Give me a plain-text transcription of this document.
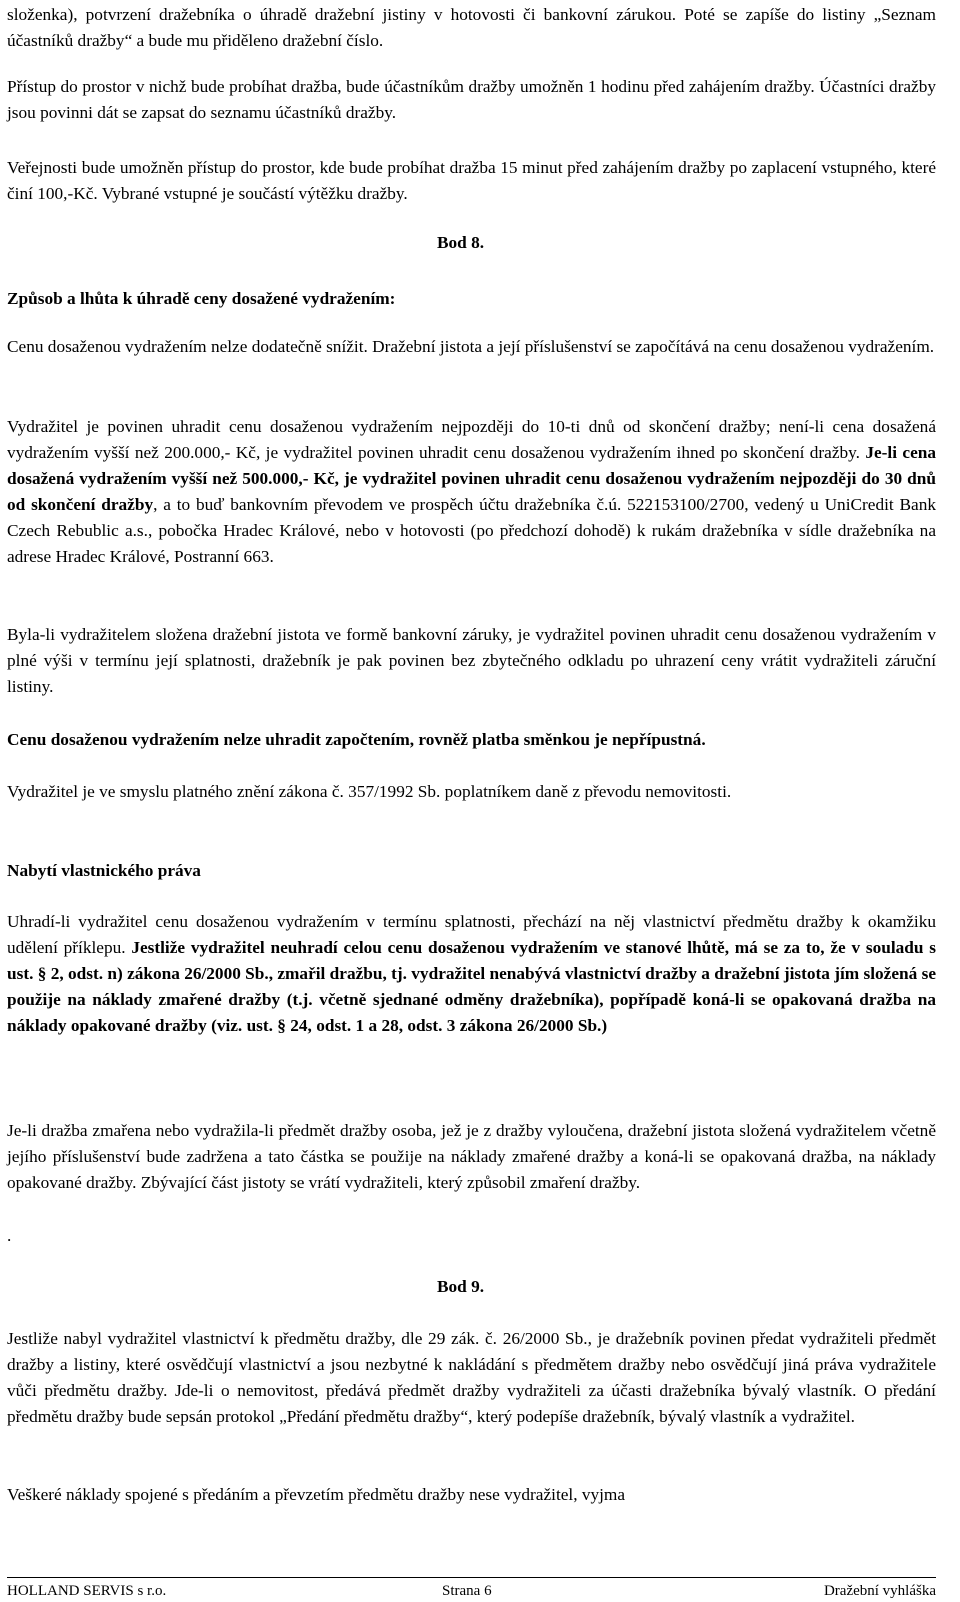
složenka), potvrzení dražebníka o úhradě dražební jistiny v hotovosti či bankovní zárukou. Poté se zapíše do listiny „Seznam účastníků dražby“ a bude mu přiděleno dražební číslo.

Přístup do prostor v nichž bude probíhat dražba, bude účastníkům dražby umožněn 1 hodinu před zahájením dražby. Účastníci dražby jsou povinni dát se zapsat do seznamu účastníků dražby.

Veřejnosti bude umožněn přístup do prostor, kde bude probíhat dražba 15 minut před zahájením dražby po zaplacení vstupného, které činí 100,-Kč. Vybrané vstupné je součástí výtěžku dražby.

Bod 8.

Způsob a lhůta k úhradě ceny dosažené vydražením:

Cenu dosaženou vydražením nelze dodatečně snížit. Dražební jistota a její příslušenství se započítává na cenu dosaženou vydražením.

Vydražitel je povinen uhradit cenu dosaženou vydražením nejpozději do 10-ti dnů od skončení dražby; není-li cena dosažená vydražením vyšší než 200.000,- Kč, je vydražitel povinen uhradit cenu dosaženou vydražením ihned po skončení dražby. Je-li cena dosažená vydražením vyšší než 500.000,- Kč, je vydražitel povinen uhradit cenu dosaženou vydražením nejpozději do 30 dnů od skončení dražby, a to buď bankovním převodem ve prospěch účtu dražebníka č.ú. 522153100/2700, vedený u UniCredit Bank Czech Rebublic a.s., pobočka Hradec Králové, nebo v hotovosti (po předchozí dohodě) k rukám dražebníka v sídle dražebníka na adrese Hradec Králové, Postranní 663.

Byla-li vydražitelem složena dražební jistota ve formě bankovní záruky, je vydražitel povinen uhradit cenu dosaženou vydražením v plné výši v termínu její splatnosti, dražebník je pak povinen bez zbytečného odkladu po uhrazení ceny vrátit vydražiteli záruční listiny.

Cenu dosaženou vydražením nelze uhradit započtením, rovněž platba směnkou je nepřípustná.

Vydražitel je ve smyslu platného znění zákona č. 357/1992 Sb. poplatníkem daně z převodu nemovitosti.

Nabytí vlastnického práva

Uhradí-li vydražitel cenu dosaženou vydražením v termínu splatnosti, přechází na něj vlastnictví předmětu dražby k okamžiku udělení příklepu. Jestliže vydražitel neuhradí celou cenu dosaženou vydražením ve stanové lhůtě, má se za to, že v souladu s ust. § 2, odst. n) zákona 26/2000 Sb., zmařil dražbu, tj. vydražitel nenabývá vlastnictví dražby a dražební jistota jím složená se použije na náklady zmařené dražby (t.j. včetně sjednané odměny dražebníka), popřípadě koná-li se opakovaná dražba na náklady opakované dražby (viz. ust. § 24, odst. 1 a 28, odst. 3 zákona 26/2000 Sb.)

Je-li dražba zmařena nebo vydražila-li předmět dražby osoba, jež je z dražby vyloučena, dražební jistota složená vydražitelem včetně jejího příslušenství bude zadržena a tato částka se použije na náklady zmařené dražby a koná-li se opakovaná dražba, na náklady opakované dražby. Zbývající část jistoty se vrátí vydražiteli, který způsobil zmaření dražby.

.

Bod 9.

Jestliže nabyl vydražitel vlastnictví k předmětu dražby, dle 29 zák. č. 26/2000 Sb., je dražebník povinen předat vydražiteli předmět dražby a listiny, které osvědčují vlastnictví a jsou nezbytné k nakládání s předmětem dražby nebo osvědčují jiná práva vydražitele vůči předmětu dražby. Jde-li o nemovitost, předává předmět dražby vydražiteli za účasti dražebníka bývalý vlastník. O předání předmětu dražby bude sepsán protokol „Předání předmětu dražby“, který podepíše dražebník, bývalý vlastník a vydražitel.

Veškeré náklady spojené s předáním a převzetím předmětu dražby nese vydražitel, vyjma

HOLLAND SERVIS s r.o.	Strana 6	Dražební vyhláška
